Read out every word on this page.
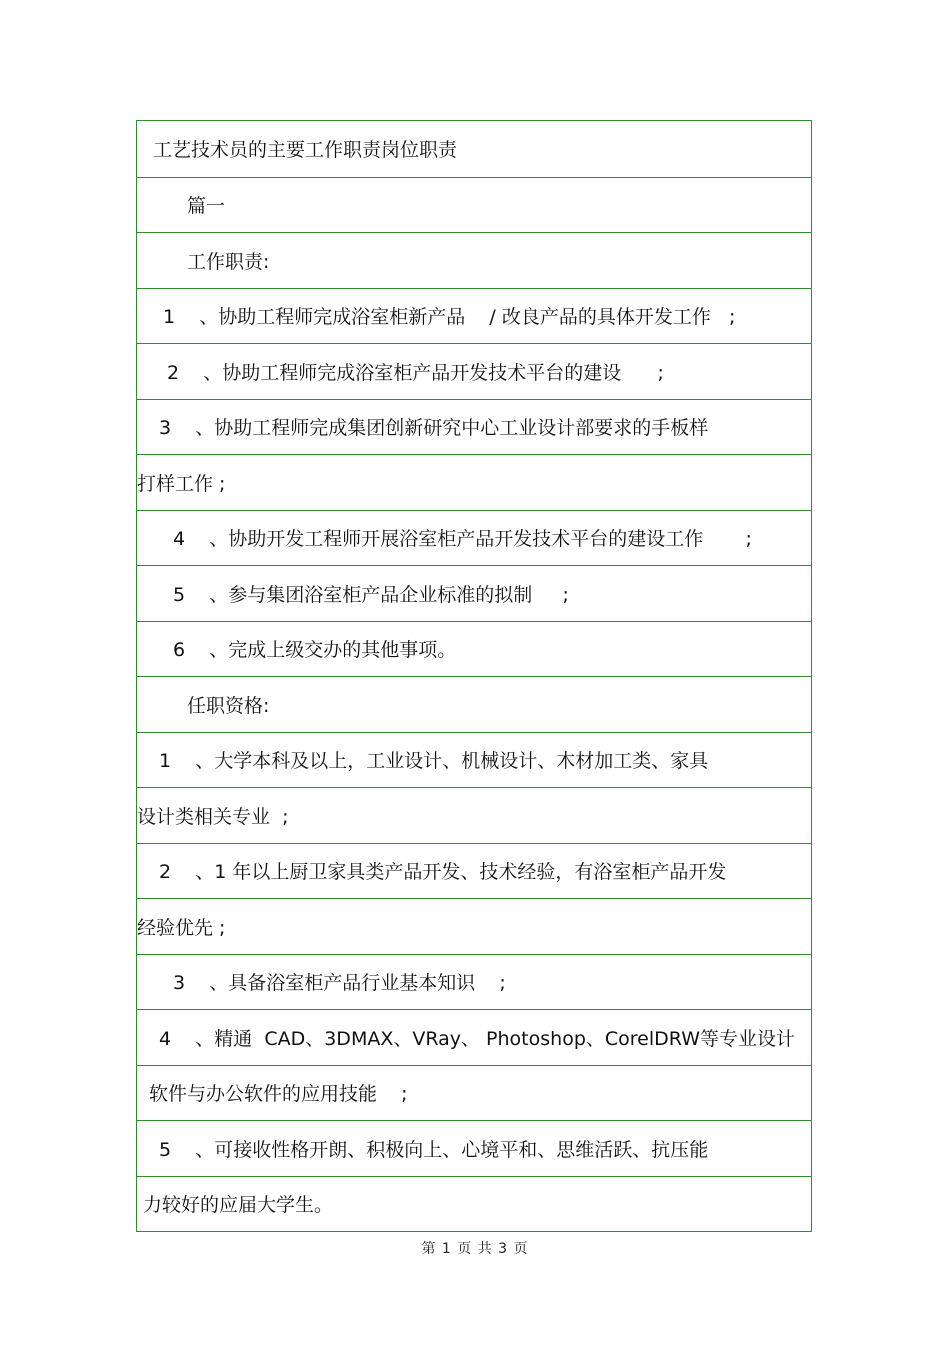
工艺技术员的主要工作职责岗位职责
篇一
工作职责:
1    、协助工程师完成浴室柜新产品    / 改良产品的具体开发工作   ;
2    、协助工程师完成浴室柜产品开发技术平台的建设      ;
3    、协助工程师完成集团创新研究中心工业设计部要求的手板样
打样工作 ;
4    、协助开发工程师开展浴室柜产品开发技术平台的建设工作       ;
5    、参与集团浴室柜产品企业标准的拟制     ;
6    、完成上级交办的其他事项。
任职资格:
1    、大学本科及以上，工业设计、机械设计、木材加工类、家具
设计类相关专业  ;
2    、1 年以上厨卫家具类产品开发、技术经验，有浴室柜产品开发
经验优先 ;
3    、具备浴室柜产品行业基本知识    ;
4    、精通  CAD、3DMAX、VRay、 Photoshop、CorelDRW等专业设计
软件与办公软件的应用技能    ;
5    、可接收性格开朗、积极向上、心境平和、思维活跃、抗压能
力较好的应届大学生。
第 1 页 共 3 页
